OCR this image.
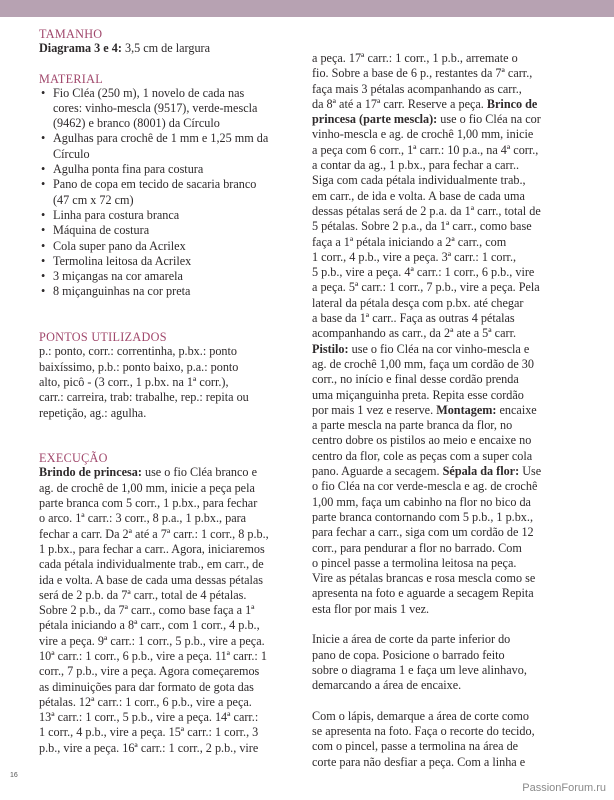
TAMANHO
Diagrama 3 e 4: 3,5 cm de largura
MATERIAL
• Fio Cléa (250 m), 1 novelo de cada nas
cores: vinho-mescla (9517), verde-mescla
(9462) e branco (8001) da Círculo
• Agulhas para crochê de 1 mm e 1,25 mm da
Círculo
• Agulha ponta fina para costura
• Pano de copa em tecido de sacaria branco
(47 cm x 72 cm)
• Linha para costura branca
• Máquina de costura
• Cola super pano da Acrilex
• Termolina leitosa da Acrilex
• 3 miçangas na cor amarela
• 8 miçanguinhas na cor preta
PONTOS UTILIZADOS
p.: ponto, corr.: correntinha, p.bx.: ponto
baixíssimo, p.b.: ponto baixo, p.a.: ponto
alto, picô - (3 corr., 1 p.bx. na 1ª corr.),
carr.: carreira, trab: trabalhe, rep.: repita ou
repetição, ag.: agulha.
EXECUÇÃO
Brindo de princesa: use o fio Cléa branco e
ag. de crochê de 1,00 mm, inicie a peça pela
parte branca com 5 corr., 1 p.bx., para fechar
o arco. 1ª carr.: 3 corr., 8 p.a., 1 p.bx., para
fechar a carr. Da 2ª até a 7ª carr.: 1 corr., 8 p.b.,
1 p.bx., para fechar a carr.. Agora, iniciaremos
cada pétala individualmente trab., em carr., de
ida e volta. A base de cada uma dessas pétalas
será de 2 p.b. da 7ª carr., total de 4 pétalas.
Sobre 2 p.b., da 7ª carr., como base faça a 1ª
pétala iniciando a 8ª carr., com 1 corr., 4 p.b.,
vire a peça. 9ª carr.: 1 corr., 5 p.b., vire a peça.
10ª carr.: 1 corr., 6 p.b., vire a peça. 11ª carr.: 1
corr., 7 p.b., vire a peça. Agora começaremos
as diminuições para dar formato de gota das
pétalas. 12ª carr.: 1 corr., 6 p.b., vire a peça.
13ª carr.: 1 corr., 5 p.b., vire a peça. 14ª carr.:
1 corr., 4 p.b., vire a peça. 15ª carr.: 1 corr., 3
p.b., vire a peça. 16ª carr.: 1 corr., 2 p.b., vire
a peça. 17ª carr.: 1 corr., 1 p.b., arremate o
fio. Sobre a base de 6 p., restantes da 7ª carr.,
faça mais 3 pétalas acompanhando as carr.,
da 8ª até a 17ª carr. Reserve a peça. Brinco de
princesa (parte mescla): use o fio Cléa na cor
vinho-mescla e ag. de crochê 1,00 mm, inicie
a peça com 6 corr., 1ª carr.: 10 p.a., na 4ª corr.,
a contar da ag., 1 p.bx., para fechar a carr..
Siga com cada pétala individualmente trab.,
em carr., de ida e volta. A base de cada uma
dessas pétalas será de 2 p.a. da 1ª carr., total de
5 pétalas. Sobre 2 p.a., da 1ª carr., como base
faça a 1ª pétala iniciando a 2ª carr., com
1 corr., 4 p.b., vire a peça. 3ª carr.: 1 corr.,
5 p.b., vire a peça. 4ª carr.: 1 corr., 6 p.b., vire
a peça. 5ª carr.: 1 corr., 7 p.b., vire a peça. Pela
lateral da pétala desça com p.bx. até chegar
a base da 1ª carr.. Faça as outras 4 pétalas
acompanhando as carr., da 2ª ate a 5ª carr.
Pistilo: use o fio Cléa na cor vinho-mescla e
ag. de crochê 1,00 mm, faça um cordão de 30
corr., no início e final desse cordão prenda
uma miçanguinha preta. Repita esse cordão
por mais 1 vez e reserve. Montagem: encaixe
a parte mescla na parte branca da flor, no
centro dobre os pistilos ao meio e encaixe no
centro da flor, cole as peças com a super cola
pano. Aguarde a secagem. Sépala da flor: Use
o fio Cléa na cor verde-mescla e ag. de crochê
1,00 mm, faça um cabinho na flor no bico da
parte branca contornando com 5 p.b., 1 p.bx.,
para fechar a carr., siga com um cordão de 12
corr., para pendurar a flor no barrado. Com
o pincel passe a termolina leitosa na peça.
Vire as pétalas brancas e rosa mescla como se
apresenta na foto e aguarde a secagem Repita
esta flor por mais 1 vez.
Inicie a área de corte da parte inferior do
pano de copa. Posicione o barrado feito
sobre o diagrama 1 e faça um leve alinhavo,
demarcando a área de encaixe.
Com o lápis, demarque a área de corte como
se apresenta na foto. Faça o recorte do tecido,
com o pincel, passe a termolina na área de
corte para não desfiar a peça. Com a linha e
16
PassionForum.ru
